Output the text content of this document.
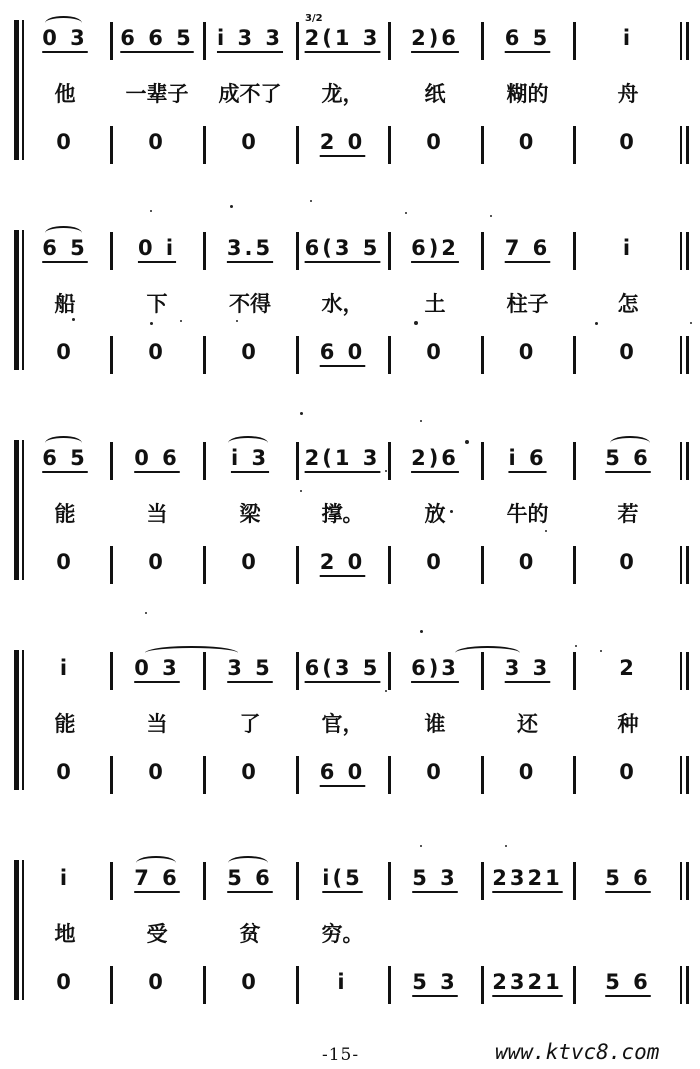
0 3	6 6 5	i 3 3	2(1 3	2)6	6 5	i
他	一辈子	成不了	龙，	纸	糊的	舟
0	0	0	2 0	0	0	0
3/2
6 5	0 i	3.5	6(3 5	6)2	7 6	i
船	下	不得	水，	土	柱子	怎
0	0	0	6 0	0	0	0
6 5	0 6	i 3	2(1 3	2)6	i 6	5 6
能	当	梁	撑。	放	牛的	若
0	0	0	2 0	0	0	0
i	0 3	3 5	6(3 5	6)3	3 3	2
能	当	了	官，	谁	还	种
0	0	0	6 0	0	0	0
i	7 6	5 6	i(5	5 3	2321	5 6
地	受	贫	穷。
0	0	0	i	5 3	2321	5 6
-15-	www.ktvc8.com
